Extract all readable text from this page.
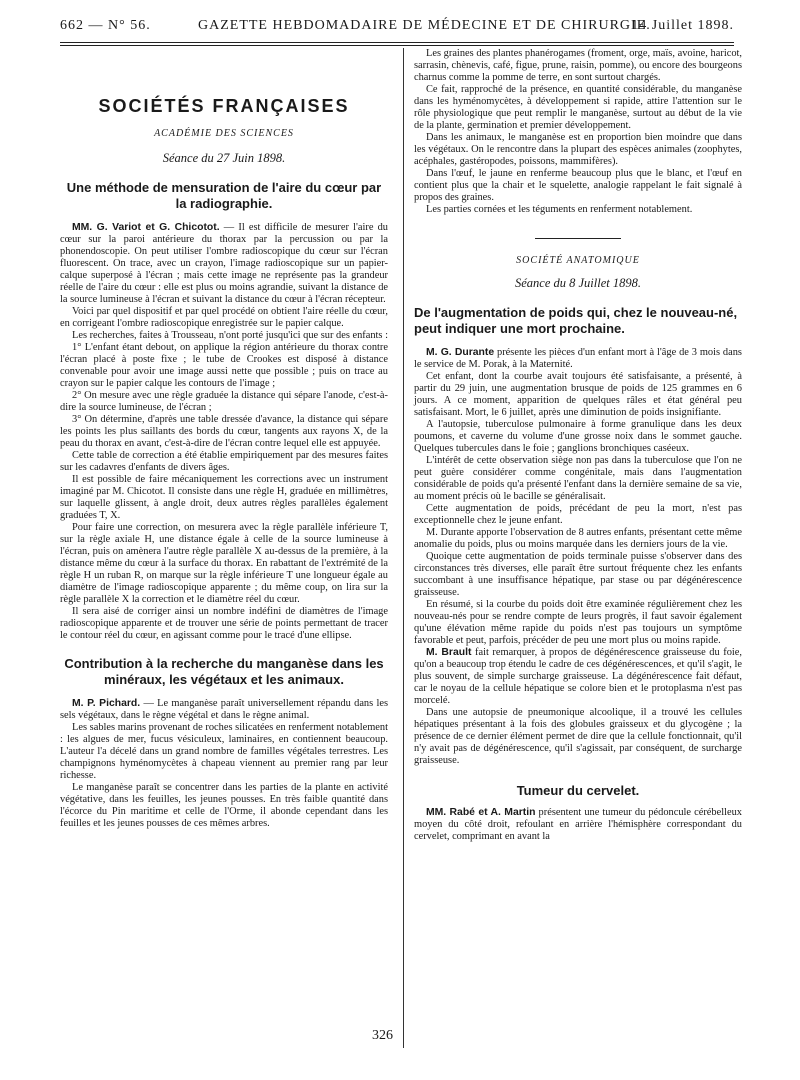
662 — N° 56.	GAZETTE HEBDOMADAIRE DE MÉDECINE ET DE CHIRURGIE.
14 Juillet 1898.
SOCIÉTÉS FRANÇAISES
ACADÉMIE DES SCIENCES
Séance du 27 Juin 1898.
Une méthode de mensuration de l'aire du cœur par la radiographie.

MM. G. Variot et G. Chicotot. — Il est difficile de mesurer l'aire du cœur sur la paroi antérieure du thorax par la percussion ou par la phonendoscopie. On peut utiliser l'ombre radioscopique du cœur sur l'écran fluorescent. On trace, avec un crayon, l'image radioscopique sur un papier-calque superposé à l'écran ; mais cette image ne représente pas la grandeur réelle de l'aire du cœur : elle est plus ou moins agrandie, suivant la distance de la source lumineuse à l'écran et suivant la distance du cœur à l'écran récepteur.

Voici par quel dispositif et par quel procédé on obtient l'aire réelle du cœur, en corrigeant l'ombre radioscopique enregistrée sur le papier calque.

Les recherches, faites à Trousseau, n'ont porté jusqu'ici que sur des enfants :

1° L'enfant étant debout, on applique la région antérieure du thorax contre l'écran placé à poste fixe ; le tube de Crookes est disposé à distance convenable pour avoir une image aussi nette que possible ; puis on trace au crayon sur le papier calque les contours de l'image ;

2° On mesure avec une règle graduée la distance qui sépare l'anode, c'est-à-dire la source lumineuse, de l'écran ;

3° On détermine, d'après une table dressée d'avance, la distance qui sépare les points les plus saillants des bords du cœur, tangents aux rayons X, de la peau du thorax en avant, c'est-à-dire de l'écran contre lequel elle est appuyée.

Cette table de correction a été établie empiriquement par des mesures faites sur les cadavres d'enfants de divers âges.

Il est possible de faire mécaniquement les corrections avec un instrument imaginé par M. Chicotot. Il consiste dans une règle H, graduée en millimètres, sur laquelle glissent, à angle droit, deux autres règles parallèles également graduées T, X.

Pour faire une correction, on mesurera avec la règle parallèle inférieure T, sur la règle axiale H, une distance égale à celle de la source lumineuse à l'écran, puis on amènera l'autre règle parallèle X au-dessus de la première, à la distance même du cœur à la surface du thorax. En rabattant de l'extrémité de la règle H un ruban R, on marque sur la règle inférieure T une longueur égale au diamètre de l'image radioscopique apparente ; du même coup, on lira sur la règle parallèle X la correction et le diamètre réel du cœur.

Il sera aisé de corriger ainsi un nombre indéfini de diamètres de l'image radioscopique apparente et de trouver une série de points permettant de tracer le contour réel du cœur, en agissant comme pour le tracé d'une ellipse.

Contribution à la recherche du manganèse dans les minéraux, les végétaux et les animaux.

M. P. Pichard. — Le manganèse paraît universellement répandu dans les sels végétaux, dans le règne végétal et dans le règne animal.

Les sables marins provenant de roches silicatées en renferment notablement : les algues de mer, fucus vésiculeux, laminaires, en contiennent beaucoup. L'auteur l'a décelé dans un grand nombre de familles végétales terrestres. Les champignons hyménomycètes à chapeau viennent au premier rang par leur richesse.

Le manganèse paraît se concentrer dans les parties de la plante en activité végétative, dans les feuilles, les jeunes pousses. En très faible quantité dans l'écorce du Pin maritime et celle de l'Orme, il abonde cependant dans les feuilles et les jeunes pousses de ces mêmes arbres.

Les graines des plantes phanérogames (froment, orge, maïs, avoine, haricot, sarrasin, chènevis, café, figue, prune, raisin, pomme), ou encore des bourgeons charnus comme la pomme de terre, en sont surtout chargés.

Ce fait, rapproché de la présence, en quantité considérable, du manganèse dans les hyménomycètes, à développement si rapide, attire l'attention sur le rôle physiologique que peut remplir le manganèse, surtout au début de la vie de la plante, germination et premier développement.

Dans les animaux, le manganèse est en proportion bien moindre que dans les végétaux. On le rencontre dans la plupart des espèces animales (zoophytes, acéphales, gastéropodes, poissons, mammifères).

Dans l'œuf, le jaune en renferme beaucoup plus que le blanc, et l'œuf en contient plus que la chair et le squelette, analogie rappelant le fait signalé à propos des graines.

Les parties cornées et les téguments en renferment notablement.

SOCIÉTÉ ANATOMIQUE
Séance du 8 Juillet 1898.
De l'augmentation de poids qui, chez le nouveau-né, peut indiquer une mort prochaine.

M. G. Durante présente les pièces d'un enfant mort à l'âge de 3 mois dans le service de M. Porak, à la Maternité.

Cet enfant, dont la courbe avait toujours été satisfaisante, a présenté, à partir du 29 juin, une augmentation brusque de poids de 125 grammes en 6 jours. A ce moment, apparition de quelques râles et état général peu satisfaisant. Mort, le 6 juillet, après une diminution de poids insignifiante.

A l'autopsie, tuberculose pulmonaire à forme granulique dans les deux poumons, et caverne du volume d'une grosse noix dans le sommet gauche. Quelques tubercules dans le foie ; ganglions bronchiques caséeux.

L'intérêt de cette observation siège non pas dans la tuberculose que l'on ne peut guère considérer comme congénitale, mais dans l'augmentation considérable de poids qu'a présenté l'enfant dans la dernière semaine de sa vie, au moment précis où le bacille se généralisait.

Cette augmentation de poids, précédant de peu la mort, n'est pas exceptionnelle chez le jeune enfant.

M. Durante apporte l'observation de 8 autres enfants, présentant cette même anomalie du poids, plus ou moins marquée dans les derniers jours de la vie.

Quoique cette augmentation de poids terminale puisse s'observer dans des circonstances très diverses, elle paraît être surtout fréquente chez les enfants succombant à une insuffisance hépatique, par stase ou par dégénérescence graisseuse.

En résumé, si la courbe du poids doit être examinée régulièrement chez les nouveau-nés pour se rendre compte de leurs progrès, il faut savoir également qu'une élévation même rapide du poids n'est pas toujours un symptôme favorable et peut, parfois, précéder de peu une mort plus ou moins rapide.

M. Brault fait remarquer, à propos de dégénérescence graisseuse du foie, qu'on a beaucoup trop étendu le cadre de ces dégénérescences, et qu'il s'agit, le plus souvent, de simple surcharge graisseuse. La dégénérescence fait défaut, car le noyau de la cellule hépatique se colore bien et le protoplasma n'est pas morcelé.

Dans une autopsie de pneumonique alcoolique, il a trouvé les cellules hépatiques présentant à la fois des globules graisseux et du glycogène ; la présence de ce dernier élément permet de dire que la cellule fonctionnait, qu'il n'y avait pas de dégénérescence, qu'il s'agissait, par conséquent, de surcharge graisseuse.

Tumeur du cervelet.

MM. Rabé et A. Martin présentent une tumeur du pédoncule cérébelleux moyen du côté droit, refoulant en arrière l'hémisphère correspondant du cervelet, comprimant en avant la

326
